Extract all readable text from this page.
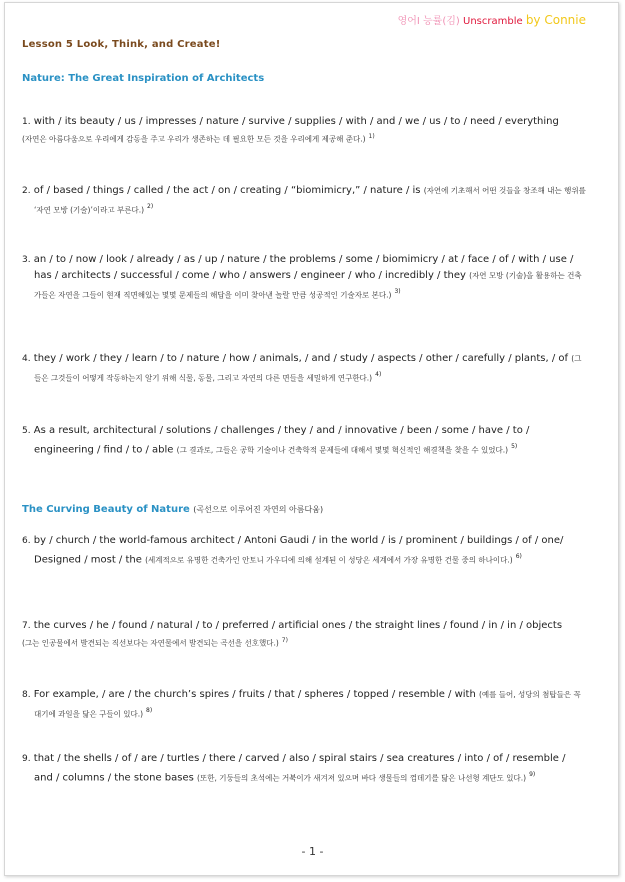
영어I 능률(김) Unscramble by Connie
Lesson 5 Look, Think, and Create!
Nature: The Great Inspiration of Architects
1. with / its beauty / us / impresses / nature / survive / supplies / with / and / we / us / to / need / everything
(자연은 아름다움으로 우리에게 감동을 주고 우리가 생존하는 데 필요한 모든 것을 우리에게 제공해 준다.) $^{1)}$
2. of / based / things / called / the act / on / creating / “biomimicry,” / nature / is (자연에 기초해서 어떤 것들을 창조해 내는 행위를 ‘자연 모방 (기술)’이라고 부른다.) $^{2)}$
3. an / to / now / look / already / as / up / nature / the problems / some / biomimicry / at / face / of / with / use / has / architects / successful / come / who / answers / engineer / who / incredibly / they (자연 모방 (기술)을 활용하는 건축가들은 자연을 그들이 현재 직면해있는 몇몇 문제들의 해답을 이미 찾아낸 놀랄 만큼 성공적인 기술자로 본다.) $^{3)}$
4. they / work / they / learn / to / nature / how / animals, / and / study / aspects / other / carefully / plants, / of (그들은 그것들이 어떻게 작동하는지 알기 위해 식물, 동물, 그리고 자연의 다른 면들을 세밀하게 연구한다.) $^{4)}$
5. As a result, architectural / solutions / challenges / they / and / innovative / been / some / have / to / engineering / find / to / able (그 결과로, 그들은 공학 기술이나 건축학적 문제들에 대해서 몇몇 혁신적인 해결책을 찾을 수 있었다.) $^{5)}$
The Curving Beauty of Nature (곡선으로 이루어진 자연의 아름다움)
6. by / church / the world-famous architect / Antoni Gaudi / in the world / is / prominent / buildings / of / one/ Designed / most / the (세계적으로 유명한 건축가인 안토니 가우디에 의해 설계된 이 성당은 세계에서 가장 유명한 건물 중의 하나이다.) $^{6)}$
7. the curves / he / found / natural / to / preferred / artificial ones / the straight lines / found / in / in / objects
(그는 인공물에서 발견되는 직선보다는 자연물에서 발견되는 곡선을 선호했다.) $^{7)}$
8. For example, / are / the church’s spires / fruits / that / spheres / topped / resemble / with (예를 들어, 성당의 첨탑들은 꼭대기에 과일을 닮은 구들이 있다.) $^{8)}$
9. that / the shells / of / are / turtles / there / carved / also / spiral stairs / sea creatures / into / of / resemble / and / columns / the stone bases (또한, 기둥들의 초석에는 거북이가 새겨져 있으며 바다 생물들의 껍데기를 닮은 나선형 계단도 있다.) $^{9)}$
- 1 -
